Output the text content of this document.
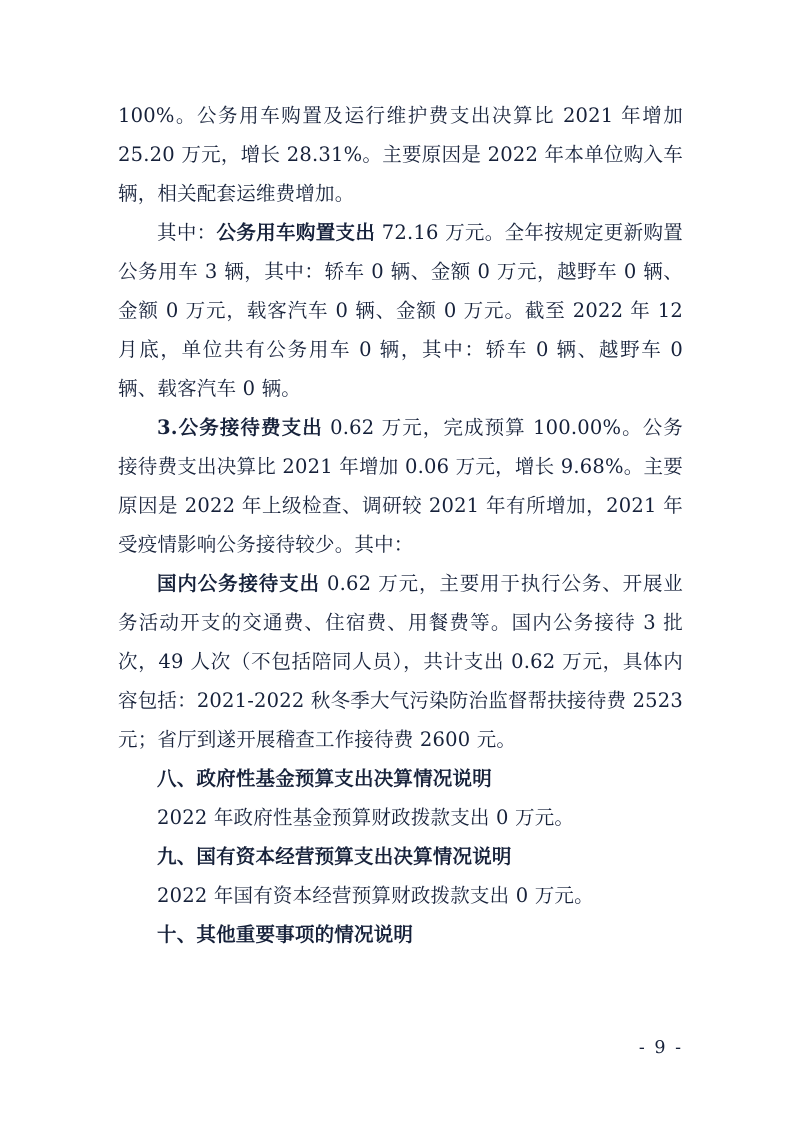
100%。公务用车购置及运行维护费支出决算比 2021 年增加 25.20 万元，增长 28.31%。主要原因是 2022 年本单位购入车辆，相关配套运维费增加。

其中：公务用车购置支出 72.16 万元。全年按规定更新购置公务用车 3 辆，其中：轿车 0 辆、金额 0 万元，越野车 0 辆、金额 0 万元，载客汽车 0 辆、金额 0 万元。截至 2022 年 12 月底，单位共有公务用车 0 辆，其中：轿车 0 辆、越野车 0 辆、载客汽车 0 辆。

3.公务接待费支出 0.62 万元，完成预算 100.00%。公务接待费支出决算比 2021 年增加 0.06 万元，增长 9.68%。主要原因是 2022 年上级检查、调研较 2021 年有所增加，2021 年受疫情影响公务接待较少。其中：

国内公务接待支出 0.62 万元，主要用于执行公务、开展业务活动开支的交通费、住宿费、用餐费等。国内公务接待 3 批次，49 人次（不包括陪同人员），共计支出 0.62 万元，具体内容包括：2021-2022 秋冬季大气污染防治监督帮扶接待费 2523 元；省厅到遂开展稽查工作接待费 2600 元。

八、政府性基金预算支出决算情况说明

2022 年政府性基金预算财政拨款支出 0 万元。

九、国有资本经营预算支出决算情况说明

2022 年国有资本经营预算财政拨款支出 0 万元。

十、其他重要事项的情况说明

- 9 -
